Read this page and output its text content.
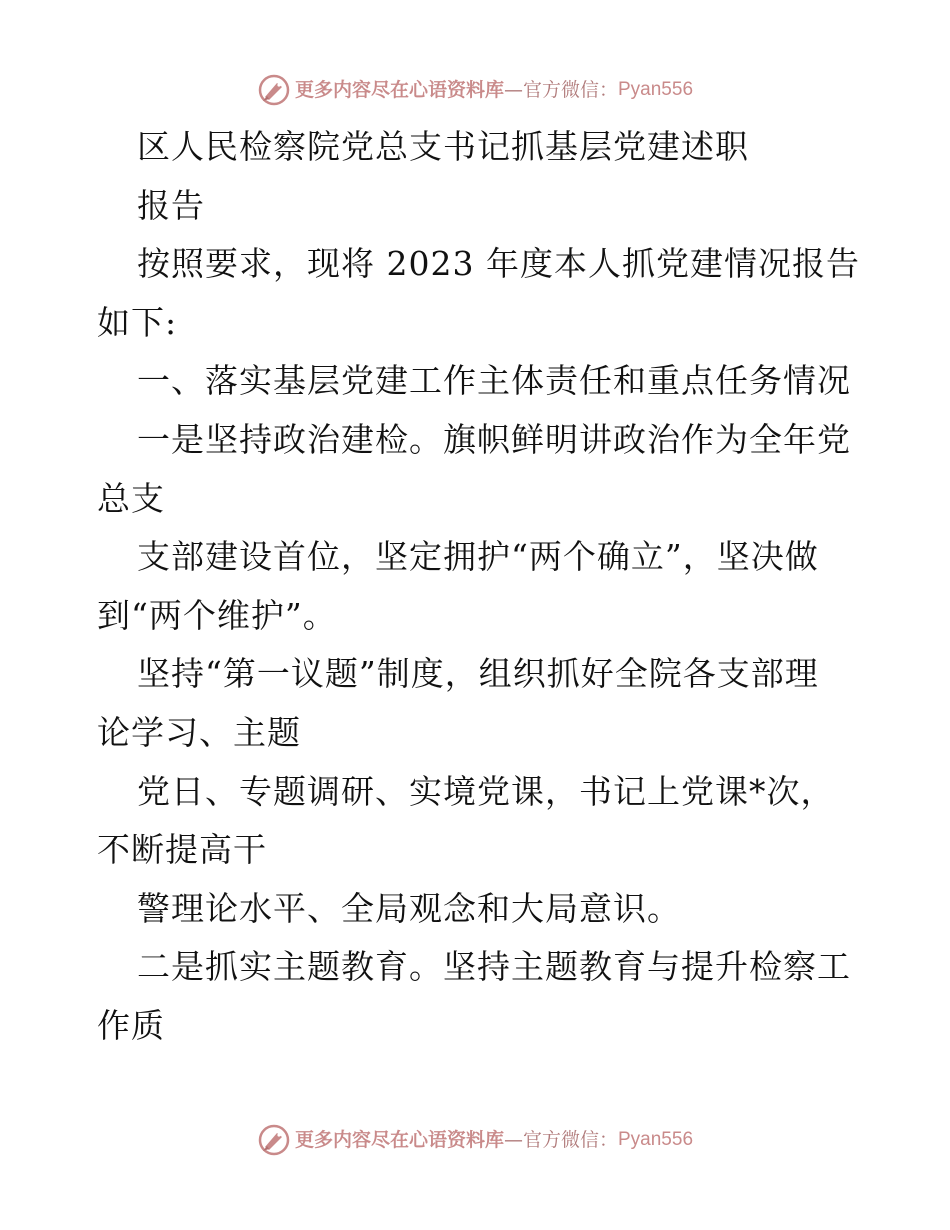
更多内容尽在心语资料库 —官方微信： Pyan556
区人民检察院党总支书记抓基层党建述职
报告
按照要求，现将 2023 年度本人抓党建情况报告
如下:
一、落实基层党建工作主体责任和重点任务情况
一是坚持政治建检。旗帜鲜明讲政治作为全年党
总支
支部建设首位，坚定拥护“两个确立”，坚决做
到“两个维护”。
坚持“第一议题”制度，组织抓好全院各支部理
论学习、主题
党日、专题调研、实境党课，书记上党课*次，
不断提高干
警理论水平、全局观念和大局意识。
二是抓实主题教育。坚持主题教育与提升检察工
作质
更多内容尽在心语资料库 —官方微信： Pyan556
